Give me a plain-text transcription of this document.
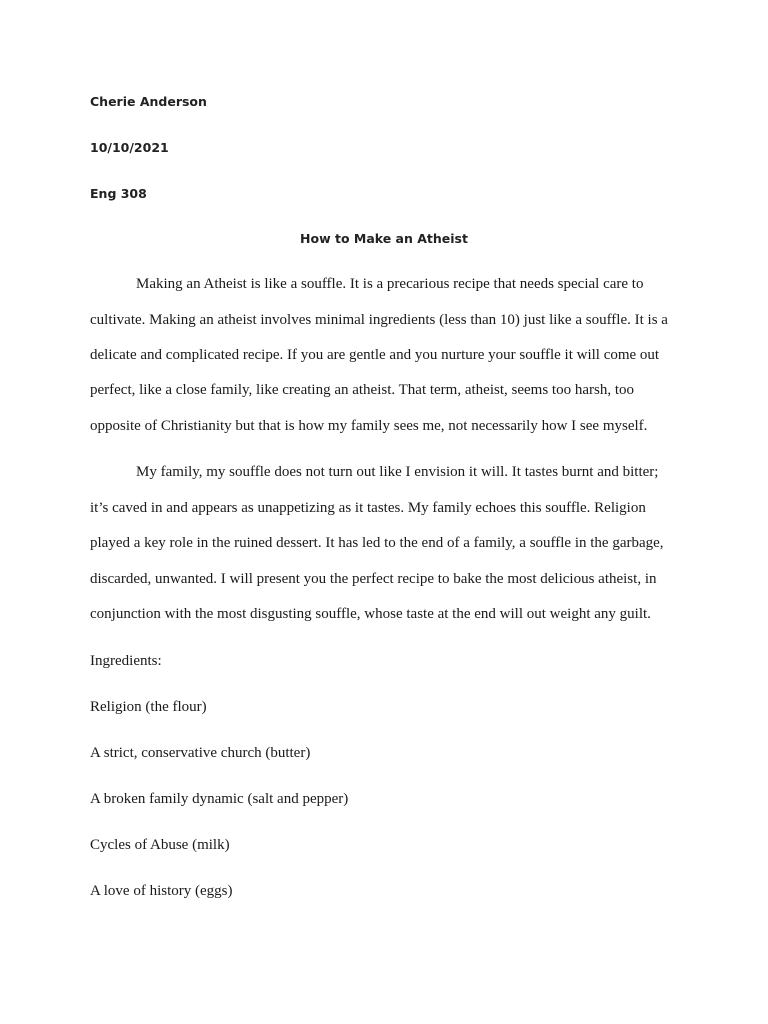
Cherie Anderson
10/10/2021
Eng 308
How to Make an Atheist
Making an Atheist is like a souffle. It is a precarious recipe that needs special care to
cultivate. Making an atheist involves minimal ingredients (less than 10) just like a souffle. It is a
delicate and complicated recipe. If you are gentle and you nurture your souffle it will come out
perfect, like a close family, like creating an atheist. That term, atheist, seems too harsh, too
opposite of Christianity but that is how my family sees me, not necessarily how I see myself.
My family, my souffle does not turn out like I envision it will. It tastes burnt and bitter;
it’s caved in and appears as unappetizing as it tastes. My family echoes this souffle. Religion
played a key role in the ruined dessert. It has led to the end of a family, a souffle in the garbage,
discarded, unwanted. I will present you the perfect recipe to bake the most delicious atheist, in
conjunction with the most disgusting souffle, whose taste at the end will out weight any guilt.
Ingredients:
Religion (the flour)
A strict, conservative church (butter)
A broken family dynamic (salt and pepper)
Cycles of Abuse (milk)
A love of history (eggs)
